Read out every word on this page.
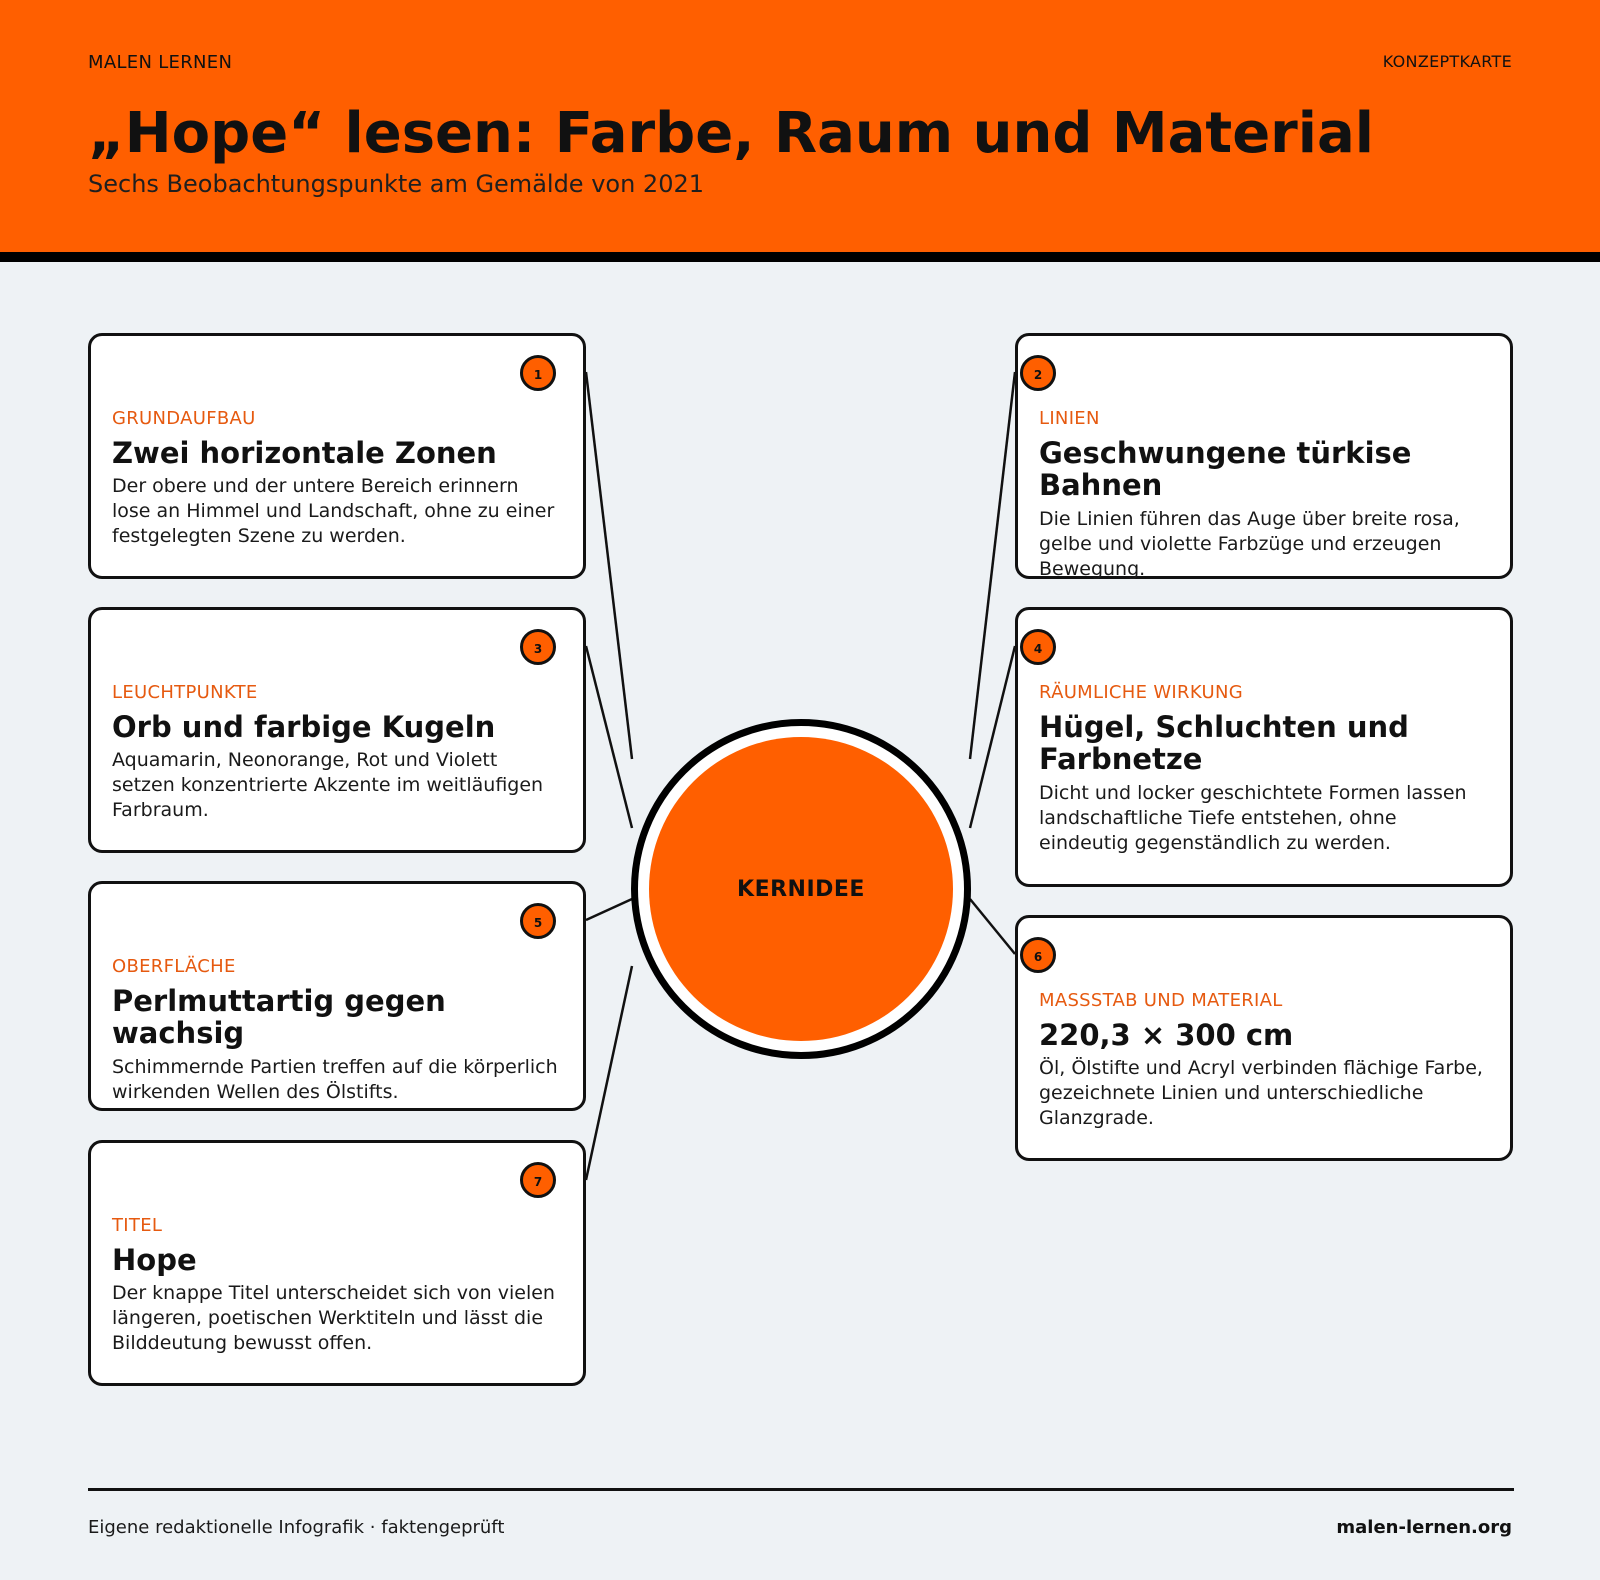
MALEN LERNEN	KONZEPTKARTE
„Hope“ lesen: Farbe, Raum und Material
Sechs Beobachtungspunkte am Gemälde von 2021
KERNIDEE
1
GRUNDAUFBAU
Zwei horizontale Zonen
Der obere und der untere Bereich erinnern lose an Himmel und Landschaft, ohne zu einer festgelegten Szene zu werden.
3
LEUCHTPUNKTE
Orb und farbige Kugeln
Aquamarin, Neonorange, Rot und Violett setzen konzentrierte Akzente im weitläufigen Farbraum.
5
OBERFLÄCHE
Perlmuttartig gegen wachsig
Schimmernde Partien treffen auf die körperlich wirkenden Wellen des Ölstifts.
7
TITEL
Hope
Der knappe Titel unterscheidet sich von vielen längeren, poetischen Werktiteln und lässt die Bilddeutung bewusst offen.
2
LINIEN
Geschwungene türkise Bahnen
Die Linien führen das Auge über breite rosa, gelbe und violette Farbzüge und erzeugen Bewegung.
4
RÄUMLICHE WIRKUNG
Hügel, Schluchten und Farbnetze
Dicht und locker geschichtete Formen lassen landschaftliche Tiefe entstehen, ohne eindeutig gegenständlich zu werden.
6
MASSSTAB UND MATERIAL
220,3 × 300 cm
Öl, Ölstifte und Acryl verbinden flächige Farbe, gezeichnete Linien und unterschiedliche Glanzgrade.
Eigene redaktionelle Infografik · faktengeprüft	malen-lernen.org
